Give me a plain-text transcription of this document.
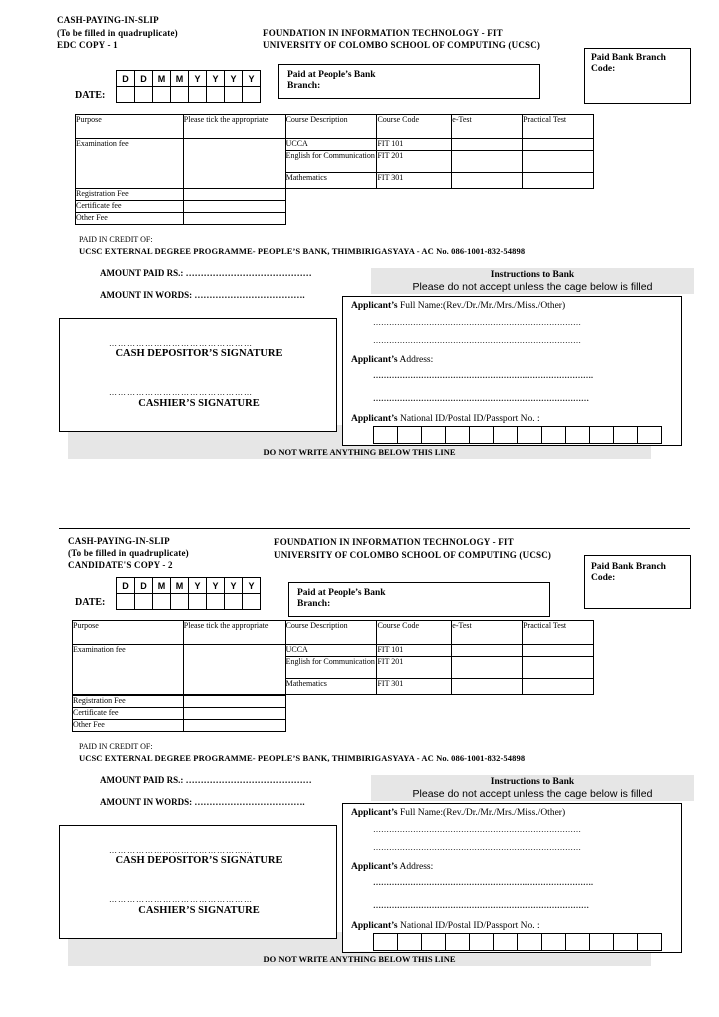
CASH-PAYING-IN-SLIP
(To be filled in quadruplicate)
EDC COPY - 1
FOUNDATION IN INFORMATION TECHNOLOGY - FIT
UNIVERSITY OF COLOMBO SCHOOL OF COMPUTING (UCSC)
Paid Bank Branch Code:
D	D	M	M	Y	Y	Y	Y

DATE:
Paid at People’s Bank Branch:
Purpose	Please tick the appropriate	Course Description	Course Code	e-Test	Practical Test
Examination fee		UCCA	FIT 101		
		English for Communication	FIT 201		
		Mathematics	FIT 301		
Registration Fee	
Certificate fee	
Other Fee	
PAID IN CREDIT OF:
UCSC EXTERNAL DEGREE PROGRAMME- PEOPLE’S BANK, THIMBIRIGASYAYA - AC No. 086-1001-832-54898
AMOUNT PAID RS.: ……………………………………
AMOUNT IN WORDS: ……………………………….
Instructions to Bank
Please do not accept unless the cage below is filled
…………………………………………
CASH DEPOSITOR’S SIGNATURE
…………………………………………
CASHIER’S SIGNATURE
Applicant’s Full Name:(Rev./Dr./Mr./Mrs./Miss./Other)
……………………………………………………………………
……………………………………………………………………
Applicant’s Address:
………………………………………………….…………………….
………………………………………………………………………
Applicant’s National ID/Postal ID/Passport No. :

DO NOT WRITE ANYTHING BELOW THIS LINE
CASH-PAYING-IN-SLIP
(To be filled in quadruplicate)
CANDIDATE'S COPY - 2
FOUNDATION IN INFORMATION TECHNOLOGY - FIT
UNIVERSITY OF COLOMBO SCHOOL OF COMPUTING (UCSC)
Paid Bank Branch Code:
D	D	M	M	Y	Y	Y	Y

DATE:
Paid at People’s Bank Branch:
Purpose	Please tick the appropriate	Course Description	Course Code	e-Test	Practical Test
Examination fee		UCCA	FIT 101		
		English for Communication	FIT 201		
		Mathematics	FIT 301		
Registration Fee	
Certificate fee	
Other Fee	
PAID IN CREDIT OF:
UCSC EXTERNAL DEGREE PROGRAMME- PEOPLE’S BANK, THIMBIRIGASYAYA - AC No. 086-1001-832-54898
AMOUNT PAID RS.: ……………………………………
AMOUNT IN WORDS: ……………………………….
Instructions to Bank
Please do not accept unless the cage below is filled
…………………………………………
CASH DEPOSITOR’S SIGNATURE
…………………………………………
CASHIER’S SIGNATURE
Applicant’s Full Name:(Rev./Dr./Mr./Mrs./Miss./Other)
……………………………………………………………………
……………………………………………………………………
Applicant’s Address:
………………………………………………….…………………….
………………………………………………………………………
Applicant’s National ID/Postal ID/Passport No. :

DO NOT WRITE ANYTHING BELOW THIS LINE
